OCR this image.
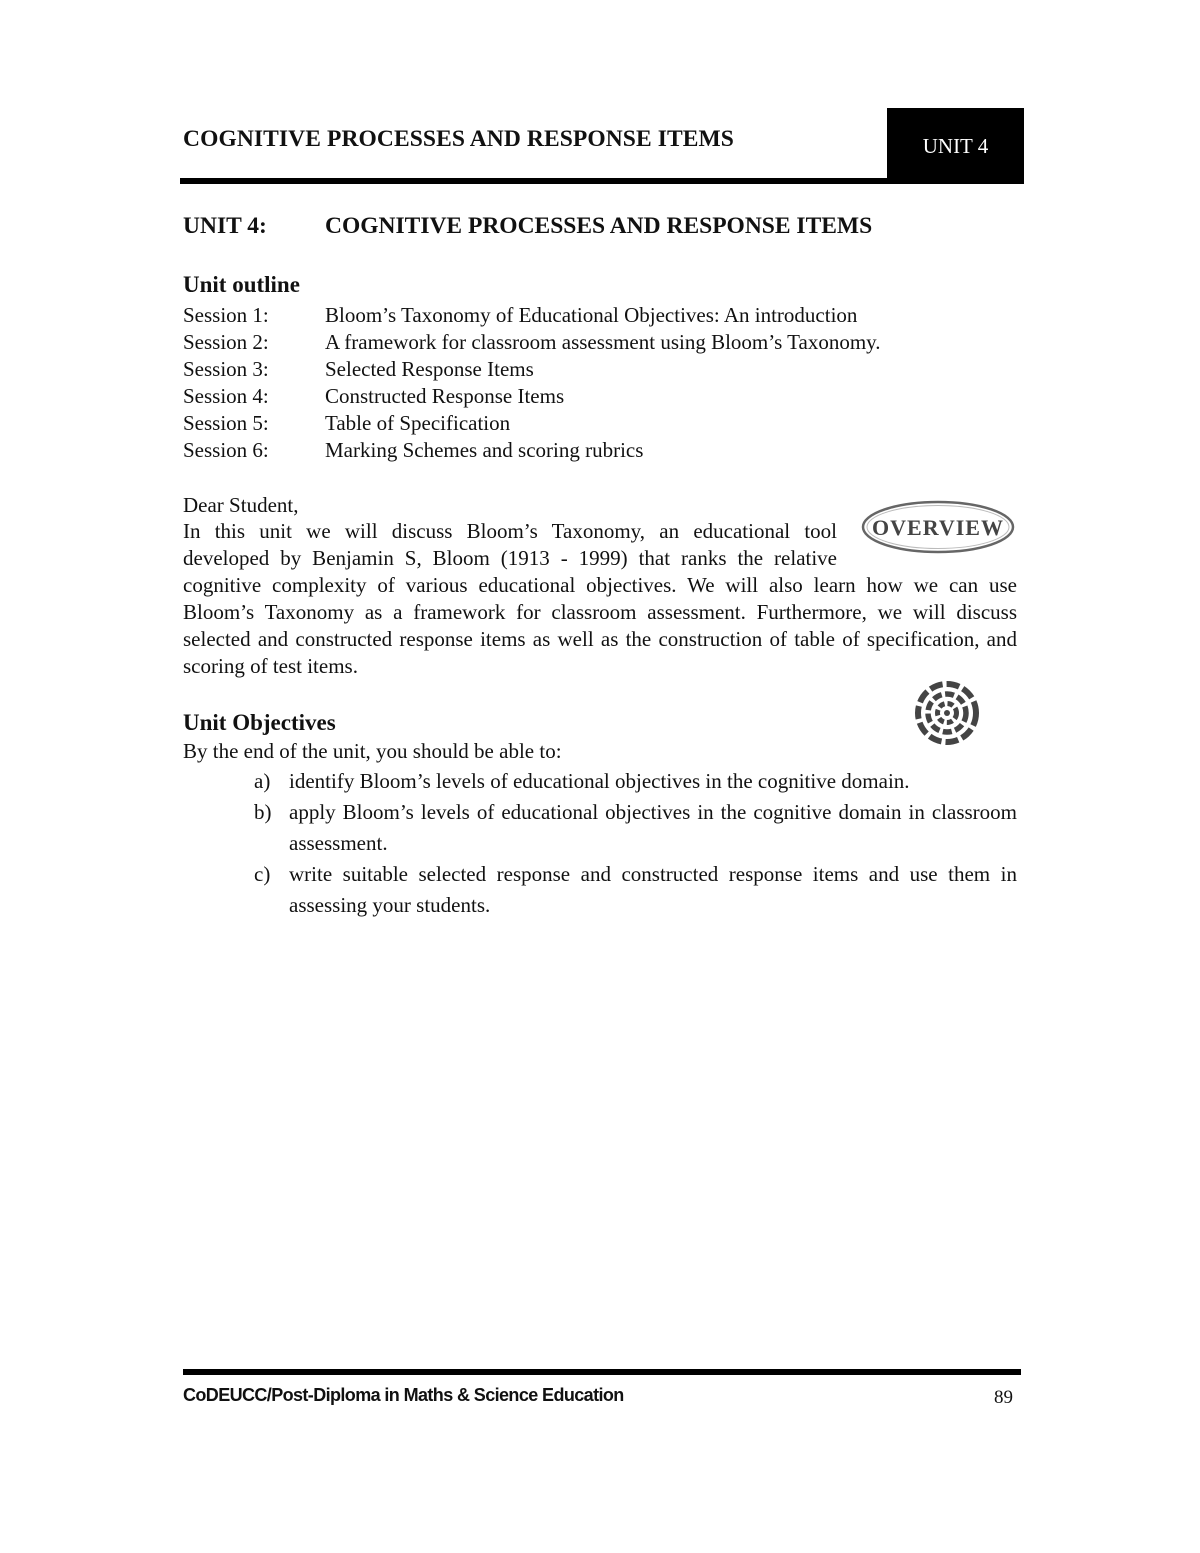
COGNITIVE PROCESSES AND RESPONSE ITEMS	UNIT 4
UNIT 4: COGNITIVE PROCESSES AND RESPONSE ITEMS
Unit outline
Session 1:	Bloom’s Taxonomy of Educational Objectives: An introduction
Session 2:	A framework for classroom assessment using Bloom’s Taxonomy.
Session 3:	Selected Response Items
Session 4:	Constructed Response Items
Session 5:	Table of Specification
Session 6:	Marking Schemes and scoring rubrics
Dear Student,

In this unit we will discuss Bloom’s Taxonomy, an educational tool developed by Benjamin S, Bloom (1913 - 1999) that ranks the relative cognitive complexity of various educational objectives. We will also learn how we can use Bloom’s Taxonomy as a framework for classroom assessment. Furthermore, we will discuss selected and constructed response items as well as the construction of table of specification, and scoring of test items.

OVERVIEW
Unit Objectives
By the end of the unit, you should be able to:
a) identify Bloom’s levels of educational objectives in the cognitive domain.
b) apply Bloom’s levels of educational objectives in the cognitive domain in classroom assessment.
c) write suitable selected response and constructed response items and use them in assessing your students.
CoDEUCC/Post-Diploma in Maths & Science Education	89
